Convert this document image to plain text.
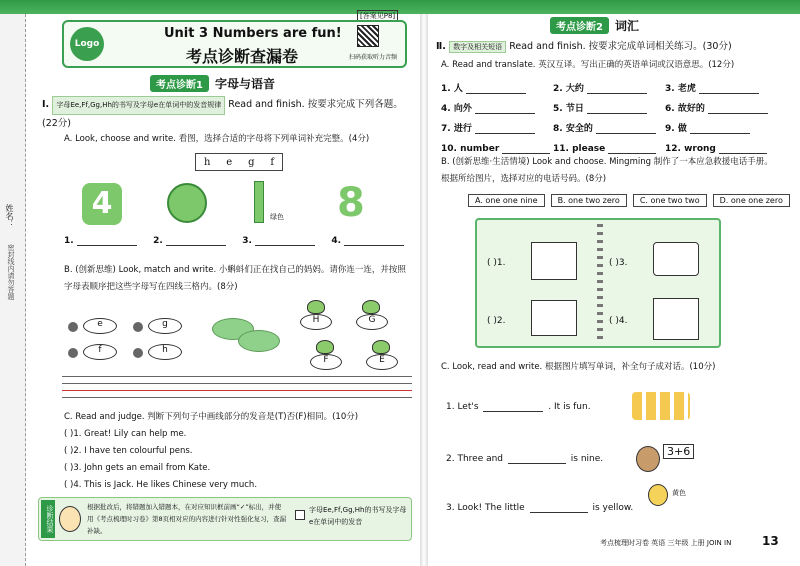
姓名：
密封线内请勿答题
[答案见P8]
Logo
Unit 3 Numbers are fun!
考点诊断查漏卷	扫码获取听力音频
考点诊断1	字母与语音
Ⅰ. 字母Ee,Ff,Gg,Hh的书写及字母e在单词中的发音规律 Read and finish. 按要求完成下列各题。(22分)
A. Look, choose and write. 看图，选择合适的字母将下列单词补充完整。(4分)
h e g f
4	绿色 8
1.	2.	3.	4.
B. (创新思维) Look, match and write. 小蝌蚪们正在找自己的妈妈。请你连一连，并按照字母表顺序把这些字母写在四线三格内。(8分)
e	g
f	h
H	G
F	E
C. Read and judge. 判断下列句子中画线部分的发音是(T)否(F)相同。(10分)
( )1. Great! Lily can help me.
( )2. I have ten colourful pens.
( )3. John gets an email from Kate.
( )4. This is Jack. He likes Chinese very much.
诊断结果	根据批改后，将错题加入错题本，在对应知识框前画“✓”标出，并使用《考点梳理时习卷》第8页相对应的内容进行针对性强化复习，查漏补缺。
字母Ee,Ff,Gg,Hh的书写及字母e在单词中的发音
考点诊断2	词汇
Ⅱ. 数字及相关短语 Read and finish. 按要求完成单词相关练习。(30分)
A. Read and translate. 英汉互译。写出正确的英语单词或汉语意思。(12分)
1. 人	2. 大约	3. 老虎
4. 向外	5. 节日	6. 故好的
7. 进行	8. 安全的	9. 做
10. number	11. please	12. wrong
B. (创新思维·生活情境) Look and choose. Mingming 制作了一本应急救援电话手册。根据所给图片，选择对应的电话号码。(8分)
A. one one nine	B. one two zero	C. one two two	D. one one zero
( )1.	( )3.
( )2.	( )4.
C. Look, read and write. 根据图片填写单词，补全句子成对话。(10分)
1. Let's	. It is fun.
2. Three and	is nine.
3+6
3. Look! The little	is yellow.
黄色
考点梳理时习卷 英语 三年级 上册 JOIN IN	13
